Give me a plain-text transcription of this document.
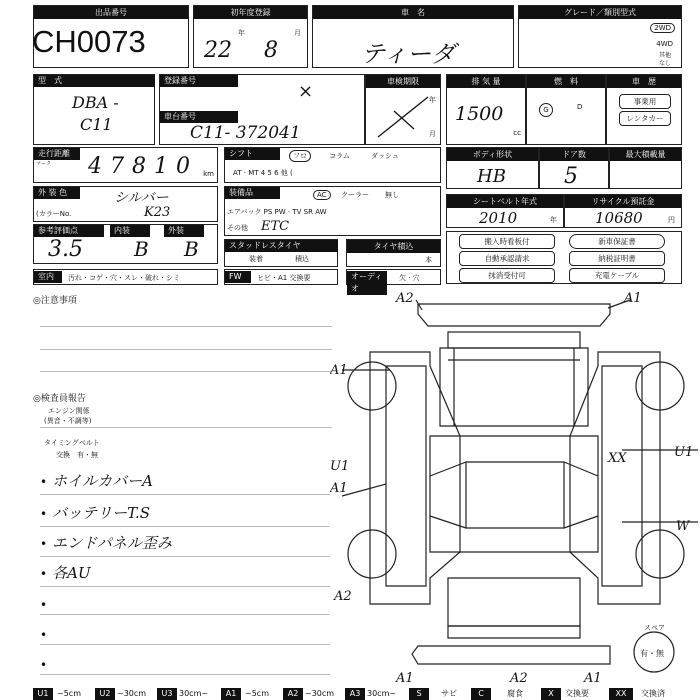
出品番号
CH0073
初年度登録
22
年
8
月
車　名
ティーダ
グレード／類別型式
2WD
4WD
其他
なし
型　式
DBA -
C11
登録番号
×
車台番号
C11- 372041
車検期限
年
月
排 気 量
1500
cc
燃　料
G	D
車　歴
事業用
レンタカー
走行距離
マーク 4 7 8 1 0	km
シフト	フロ	コラム	ダッシュ
AT · MT 4 5 6 他 (
ボディ形状
HB
ドア数
5
最大積載量
外 装 色	シルバー
(カラーNo.	K23
装備品	AC	クーラー 無し
エアバック PS PW · TV SR AW
その他 ETC
シートベルト年式
2010	年
リサイクル預託金
10680	円
参考評価点
3.5
内装
B
外装
B	スタッドレスタイヤ
装着	積込
タイヤ積込
本
搬入時看板付	新車保証書
自動承認請求	納税証明書
抹消受付可	充電ケーブル
室内	汚れ・コゲ・穴・スレ・破れ・シミ	FW	ヒビ・A1 交換要	オーディオ
欠 · 穴
◎注意事項
◎検査員報告
エンジン関係
(異音・不調等)
タイミングベルト
交換　有・無
• ホイルカバーA
• バッテリーT.S
• エンドパネル歪み
• 各AU
•
•
•
A2	A1
A1
A1
U1
U1
XX
W
A2
A1	A2	A1
スペア
有・無
U1	~5cm	U2 ~30cm	U3 30cm~	A1	~5cm	A2 ~30cm	A3 30cm~	S	サビ	C	腐食	X	交換要	XX	交換済
